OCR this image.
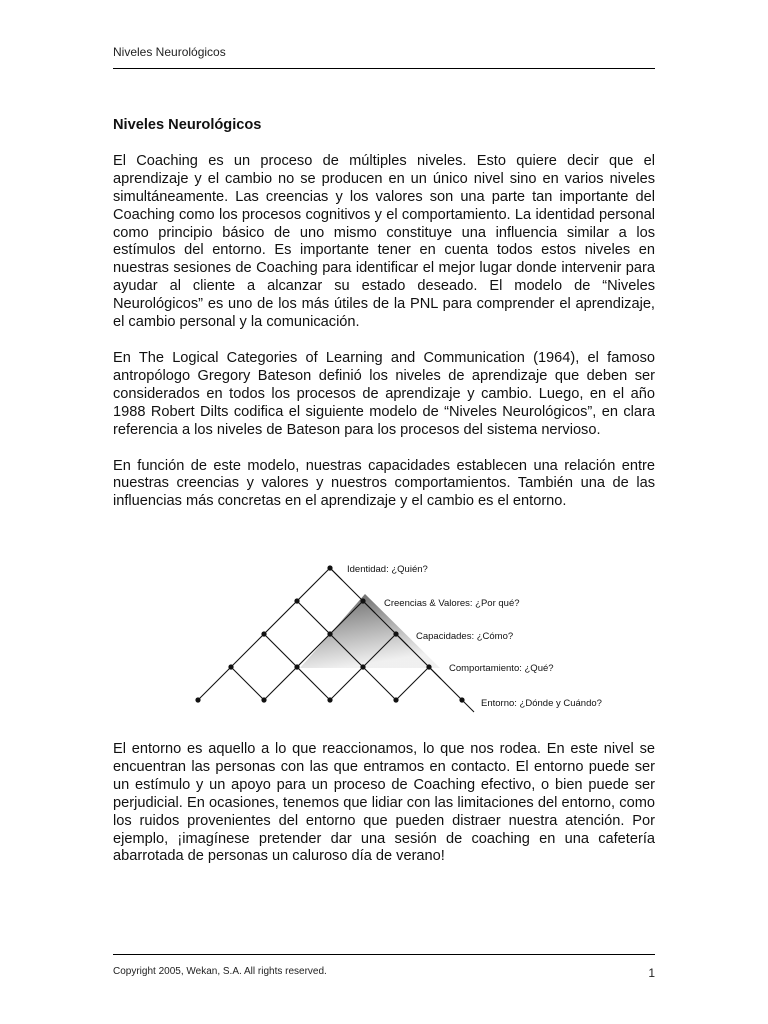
Niveles Neurológicos
Niveles Neurológicos

El Coaching es un proceso de múltiples niveles. Esto quiere decir que el aprendizaje y el cambio no se producen en un único nivel sino en varios niveles simultáneamente. Las creencias y los valores son una parte tan importante del Coaching como los procesos cognitivos y el comportamiento. La identidad personal como principio básico de uno mismo constituye una influencia similar a los estímulos del entorno. Es importante tener en cuenta todos estos niveles en nuestras sesiones de Coaching para identificar el mejor lugar donde intervenir para ayudar al cliente a alcanzar su estado deseado. El modelo de “Niveles Neurológicos” es uno de los más útiles de la PNL para comprender el aprendizaje, el cambio personal y la comunicación.

En The Logical Categories of Learning and Communication (1964), el famoso antropólogo Gregory Bateson definió los niveles de aprendizaje que deben ser considerados en todos los procesos de aprendizaje y cambio. Luego, en el año 1988 Robert Dilts codifica el siguiente modelo de “Niveles Neurológicos”, en clara referencia a los niveles de Bateson para los procesos del sistema nervioso.

En función de este modelo, nuestras capacidades establecen una relación entre nuestras creencias y valores y nuestros comportamientos. También una de las influencias más concretas en el aprendizaje y el cambio es el entorno.

Identidad: ¿Quién?
Creencias & Valores: ¿Por qué?
Capacidades: ¿Cómo?
Comportamiento: ¿Qué?
Entorno: ¿Dónde y Cuándo?

El entorno es aquello a lo que reaccionamos, lo que nos rodea. En este nivel se encuentran las personas con las que entramos en contacto. El entorno puede ser un estímulo y un apoyo para un proceso de Coaching efectivo, o bien puede ser perjudicial. En ocasiones, tenemos que lidiar con las limitaciones del entorno, como los ruidos provenientes del entorno que pueden distraer nuestra atención. Por ejemplo, ¡imagínese pretender dar una sesión de coaching en una cafetería abarrotada de personas un caluroso día de verano!

Copyright 2005, Wekan, S.A. All rights reserved.	1
